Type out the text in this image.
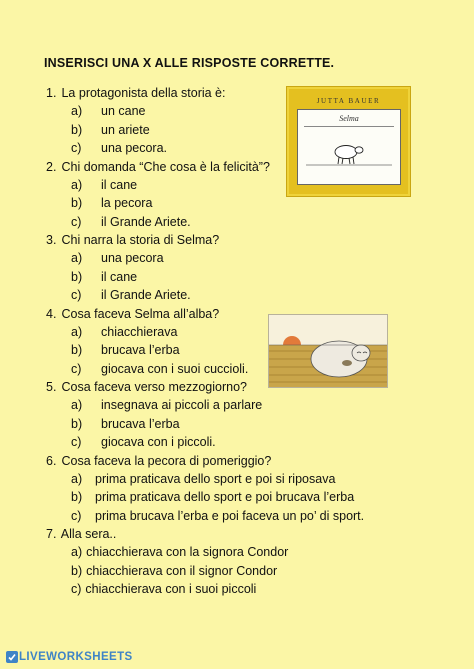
INSERISCI UNA X ALLE RISPOSTE CORRETTE.
1. La protagonista della storia è:
a) un cane
b) un ariete
c) una pecora.
2. Chi domanda “Che cosa è la felicità”?
a) il cane
b) la pecora
c) il Grande Ariete.
3. Chi narra la storia di Selma?
a) una pecora
b) il cane
c) il Grande Ariete.
4. Cosa faceva Selma all’alba?
a) chiacchierava
b) brucava l’erba
c) giocava con i suoi cuccioli.
5. Cosa faceva verso mezzogiorno?
a) insegnava ai piccoli a parlare
b) brucava l’erba
c) giocava con i piccoli.
6. Cosa faceva la pecora di pomeriggio?
a) prima praticava dello sport e poi si riposava
b) prima praticava dello sport e poi brucava l’erba
c) prima brucava l’erba e poi faceva un po’ di sport.
7. Alla sera..
a) chiacchierava con la signora Condor
b) chiacchierava con il signor Condor
c) chiacchierava con i suoi piccoli
JUTTA BAUER
Selma
LIVEWORKSHEETS
